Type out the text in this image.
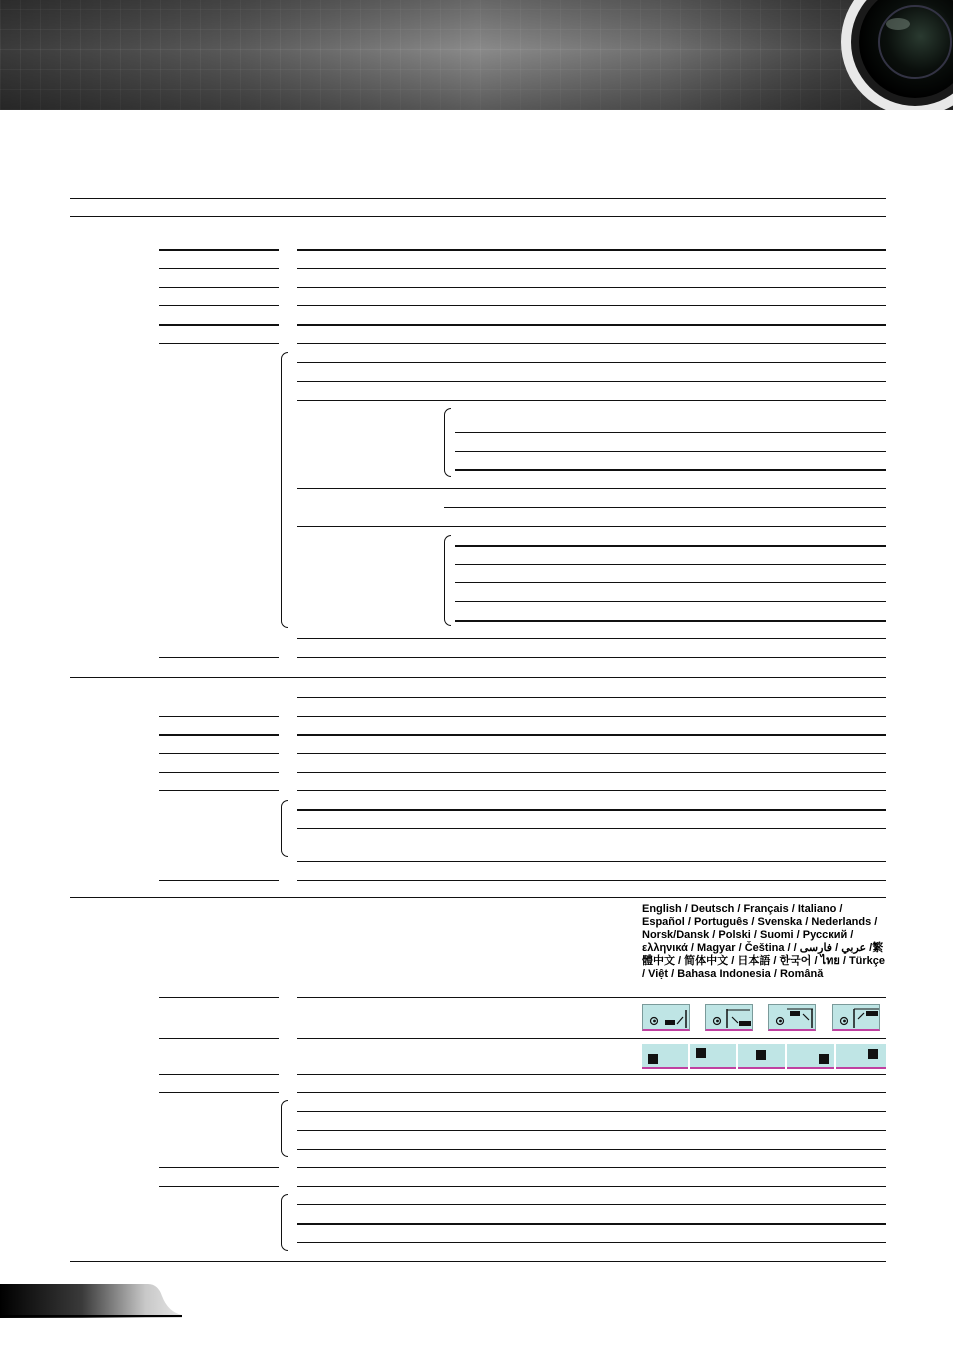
English / Deutsch / Français / Italiano / Español / Português / Svenska / Nederlands / Norsk/Dansk / Polski / Suomi / Русский / ελληνικά / Magyar / Čeština / / عربي / فارسی /繁體中文 / 简体中文 / 日本語 / 한국어 / ไทย / Türkçe / Việt / Bahasa Indonesia / Română
